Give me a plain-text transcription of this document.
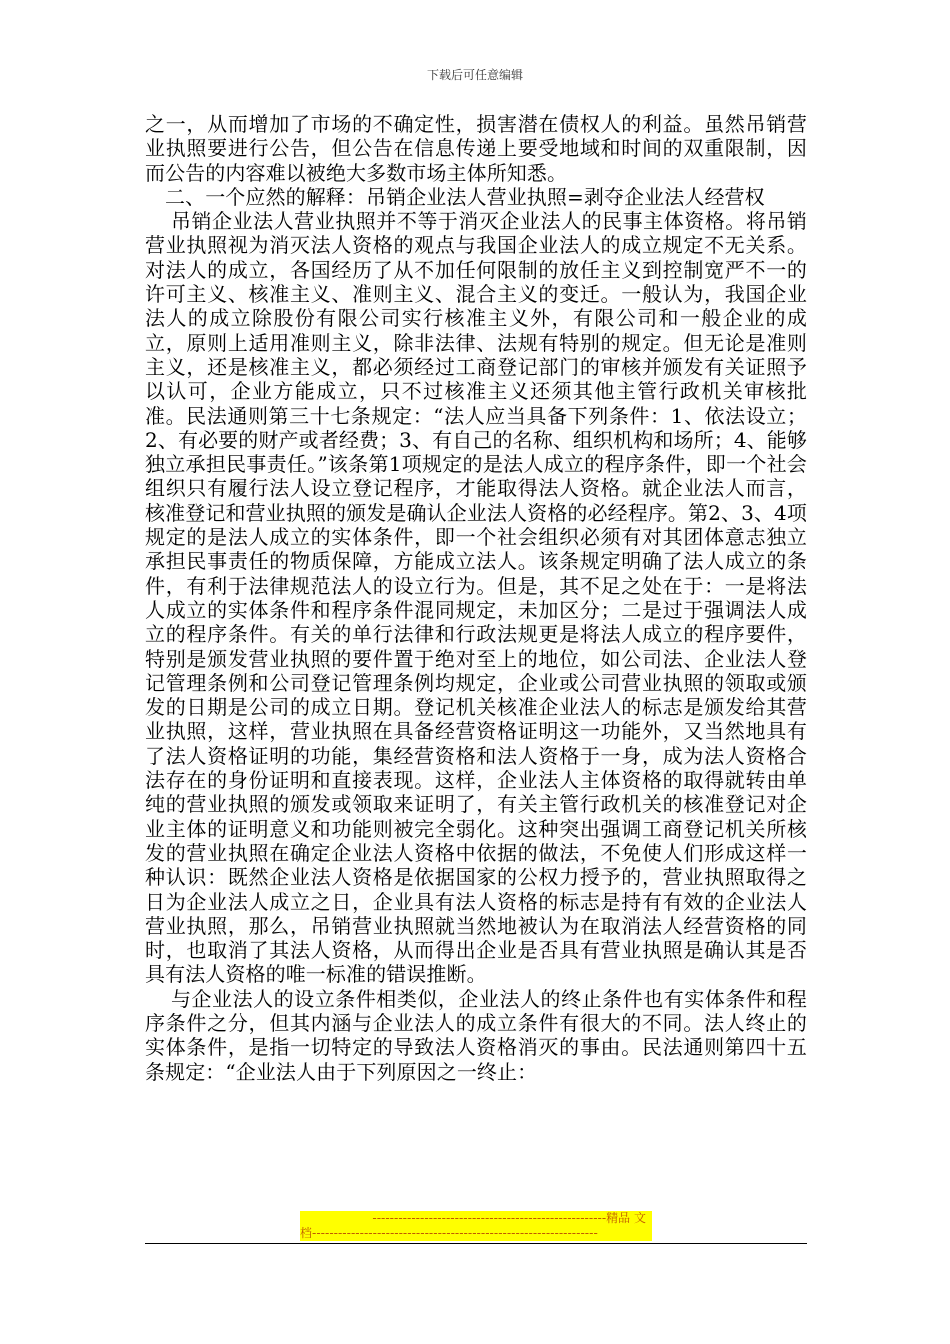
下载后可任意编辑

之一，从而增加了市场的不确定性，损害潜在债权人的利益。虽然吊销营业执照要进行公告，但公告在信息传递上要受地域和时间的双重限制，因而公告的内容难以被绝大多数市场主体所知悉。

二、一个应然的解释：吊销企业法人营业执照=剥夺企业法人经营权

吊销企业法人营业执照并不等于消灭企业法人的民事主体资格。将吊销营业执照视为消灭法人资格的观点与我国企业法人的成立规定不无关系。对法人的成立，各国经历了从不加任何限制的放任主义到控制宽严不一的许可主义、核准主义、准则主义、混合主义的变迁。一般认为，我国企业法人的成立除股份有限公司实行核准主义外，有限公司和一般企业的成立，原则上适用准则主义，除非法律、法规有特别的规定。但无论是准则主义，还是核准主义，都必须经过工商登记部门的审核并颁发有关证照予以认可，企业方能成立，只不过核准主义还须其他主管行政机关审核批准。民法通则第三十七条规定：“法人应当具备下列条件：1、依法设立；2、有必要的财产或者经费；3、有自己的名称、组织机构和场所；4、能够独立承担民事责任。”该条第1项规定的是法人成立的程序条件，即一个社会组织只有履行法人设立登记程序，才能取得法人资格。就企业法人而言，核准登记和营业执照的颁发是确认企业法人资格的必经程序。第2、3、4项规定的是法人成立的实体条件，即一个社会组织必须有对其团体意志独立承担民事责任的物质保障，方能成立法人。该条规定明确了法人成立的条件，有利于法律规范法人的设立行为。但是，其不足之处在于：一是将法人成立的实体条件和程序条件混同规定，未加区分；二是过于强调法人成立的程序条件。有关的单行法律和行政法规更是将法人成立的程序要件，特别是颁发营业执照的要件置于绝对至上的地位，如公司法、企业法人登记管理条例和公司登记管理条例均规定，企业或公司营业执照的领取或颁发的日期是公司的成立日期。登记机关核准企业法人的标志是颁发给其营业执照，这样，营业执照在具备经营资格证明这一功能外，又当然地具有了法人资格证明的功能，集经营资格和法人资格于一身，成为法人资格合法存在的身份证明和直接表现。这样，企业法人主体资格的取得就转由单纯的营业执照的颁发或领取来证明了，有关主管行政机关的核准登记对企业主体的证明意义和功能则被完全弱化。这种突出强调工商登记机关所核发的营业执照在确定企业法人资格中依据的做法，不免使人们形成这样一种认识：既然企业法人资格是依据国家的公权力授予的，营业执照取得之日为企业法人成立之日，企业具有法人资格的标志是持有有效的企业法人营业执照，那么，吊销营业执照就当然地被认为在取消法人经营资格的同时，也取消了其法人资格，从而得出企业是否具有营业执照是确认其是否具有法人资格的唯一标准的错误推断。

与企业法人的设立条件相类似，企业法人的终止条件也有实体条件和程序条件之分，但其内涵与企业法人的成立条件有很大的不同。法人终止的实体条件，是指一切特定的导致法人资格消灭的事由。民法通则第四十五条规定：“企业法人由于下列原因之一终止：

------------------------------------------------------精品 文
档------------------------------------------------------------------
